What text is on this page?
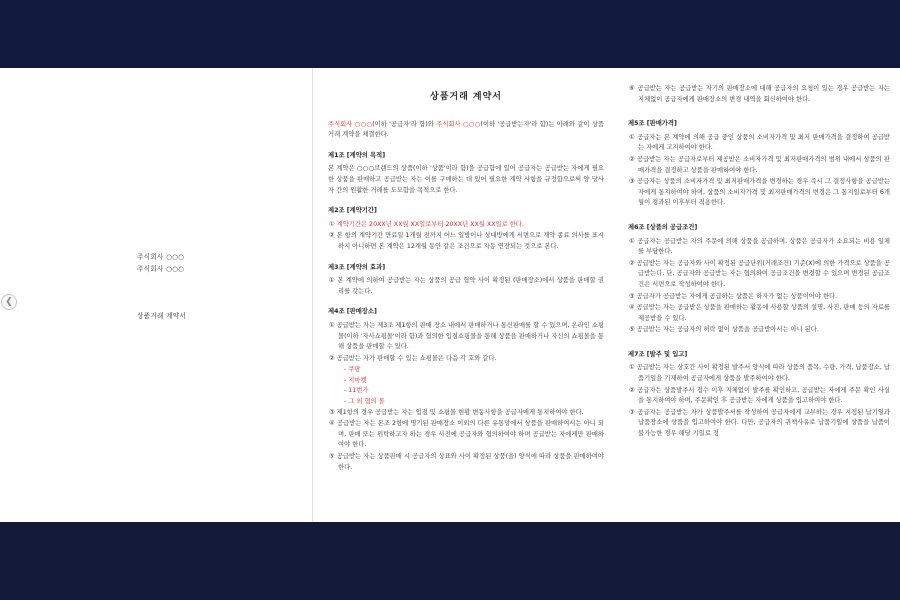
❮
주식회사 ○○○
주식회사 ○○○
상품거래 계약서
상품거래 계약서
주식회사 ○○○(이하 '공급자'라 함)와 주식회사 ○○○(이하 '공급받는자'라 함)는 아래와 같이 상품거래 계약을 체결한다.
제1조 [계약의 목적]
본 계약은 ○○○브랜드의 상품(이하 '상품'이라 함)을 공급함에 있어 공급자는 공급받는 자에게 필요한 상품을 판매하고 공급받는 자는 이를 구매하는 데 있어 필요한 계약 사항을 규정함으로써 양 당사자 간의 원활한 거래를 도모함을 목적으로 한다.
제2조 [계약기간]
① 계약기간은 20XX년 XX월 XX일로부터 20XX년 XX월 XX일로 한다.
② 본 항의 계약기간 만료일 1개월 전까지 어느 일방이나 상대방에게 서면으로 계약 종료 의사를 표시하지 아니하면 본 계약은 12개월 동안 같은 조건으로 자동 연장되는 것으로 본다.
제3조 [계약의 효과]
① 본 계약에 의하여 공급받는 자는 상품의 공급 협약 사이 확정된 (판매장소)에서 상품을 판매할 권리를 갖는다.
제4조 [판매장소]
① 공급받는 자는 제3조 제1항의 판매 장소 내에서 판매하거나 통신판매를 할 수 있으며, 온라인 쇼핑몰(이하 '자사쇼핑몰'이라 함)과 협의한 입점쇼핑몰을 통해 상품을 판매하거나 자신의 쇼핑몰을 통해 상품을 판매할 수 있다.
② 공급받는 자가 판매할 수 있는 쇼핑몰은 다음 각 호와 같다.
- 쿠팡
- 지마켓
- 11번가
- 그 외 협의 몰
③ 제1항의 경우 공급받는 자는 입점 및 쇼핑몰 현황 변동사항을 공급자에게 통지하여야 한다.
④ 공급받는 자는 본조 2항에 명기된 판매장소 이외의 다른 유통망에서 상품을 판매하여서는 아니 되며, 판매 또는 위탁하고자 하는 경우 사전에 공급자와 협의하여야 하며 공급받는 자에게만 판매하여야 한다.
⑤ 공급받는 자는 상품판매 시 공급자의 상표와 사이 확정된 상품(을) 양식에 따라 상품을 판매하여야 한다.
⑥ 공급받는 자는 공급받는 자기의 판매장소에 대해 공급자의 요청이 있는 경우 공급받는 자는 지체없이 공급자에게 판매장소의 변경 내역을 회신하여야 한다.
제5조 [판매가격]
① 공급자는 본 계약에 의해 공급 중인 상품의 소비자가격 및 최저 판매가격을 결정하여 공급받는 자에게 고지하여야 한다.
② 공급받는 자는 공급자로부터 제공받은 소비자가격 및 최저판매가격의 범위 내에서 상품의 판매가격을 결정하고 상품을 판매하여야 한다.
③ 공급자는 상품의 소비자가격 및 최저판매가격을 변경하는 경우 즉시 그 결정사항을 공급받는 자에게 통지하여야 하며, 상품의 소비자가격 및 최저판매가격의 변경은 그 통지일로부터 6개월이 경과된 이후부터 적용한다.
제6조 [상품의 공급조건]
① 공급자는 공급받는 자의 주문에 의해 상품을 공급하며, 상품은 공급자가 소요되는 비용 일체를 부담한다.
② 공급받는 자는 공급자와 사이 확정된 공급단위(거래조건) 기준(X)에 의한 가격으로 상품을 공급받는다. 단, 공급자와 공급받는 자는 협의하여 공급조건을 변경할 수 있으며 변경된 공급조건은 서면으로 작성하여야 한다.
③ 공급자가 공급받는 자에게 공급하는 상품은 하자가 없는 상품이어야 한다.
④ 공급받는 자는 공급받은 상품을 판매하는 활동에 사용할 상품의 설명, 사진, 판매 등의 자료를 제공받을 수 있다.
⑤ 공급받는 자는 공급자의 허락 없이 상품을 공급받아서는 아니 된다.
제7조 [발주 및 입고]
① 공급받는 자는 상호간 사이 확정된 발주서 양식에 따라 상품의 품목, 수량, 가격, 납품장소, 납품기일을 기재하여 공급자에게 상품을 발주하여야 한다.
② 공급자는 상품발주서 접수 이후 지체없이 발주를 확인하고, 공급받는 자에게 주문 확인 사실을 통지하여야 하며, 주문확인 후 공급받는 자에게 상품을 입고하여야 한다.
③ 공급자는 공급받는 자가 상품발주서를 작성하여 공급자에게 교부하는 경우 지정된 납기일과 납품장소에 상품을 입고하여야 한다. 다만, 공급자의 귀책사유로 납품기일에 상품을 납품이 불가능한 경우 해당 기일로 정
